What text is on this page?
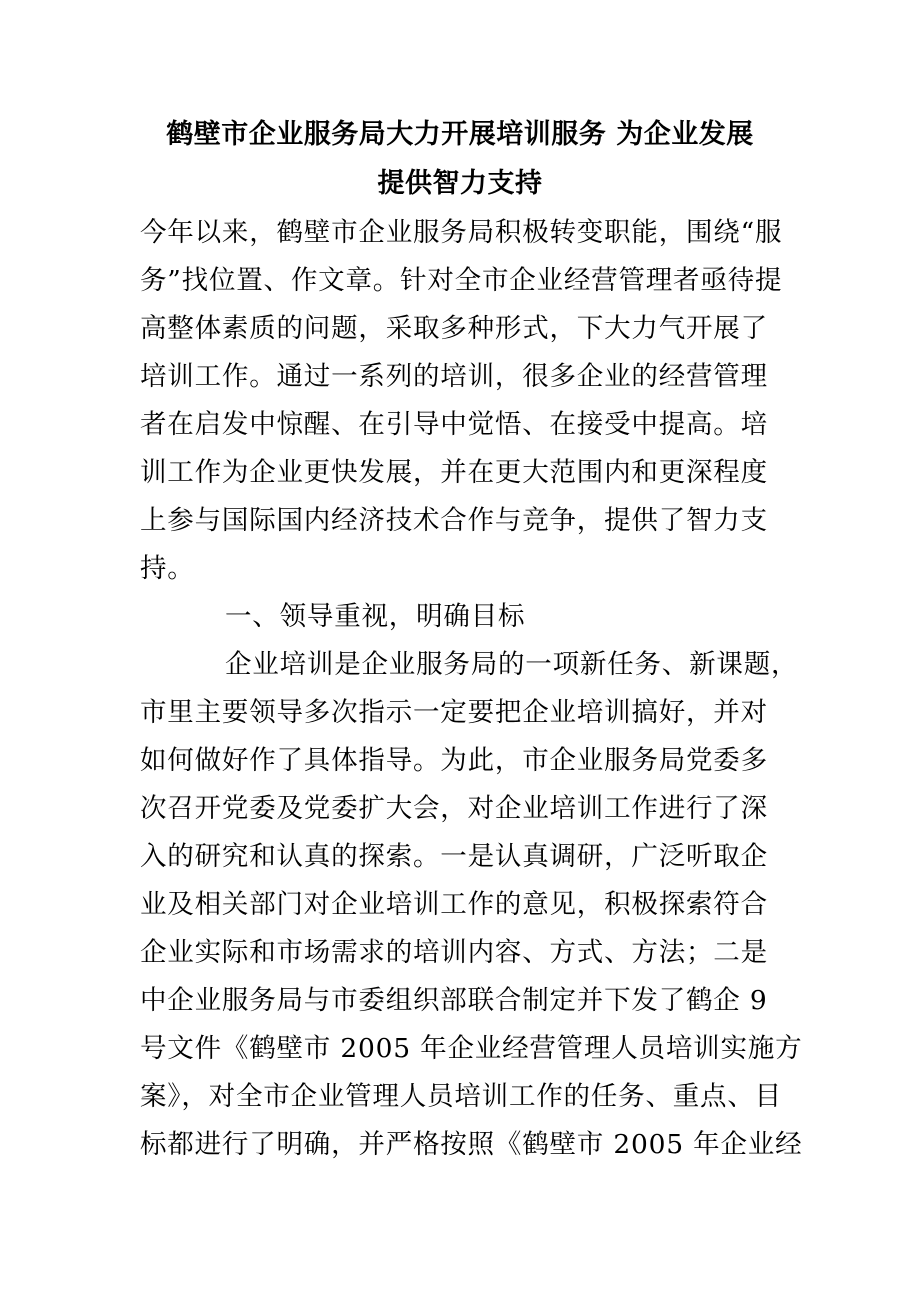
鹤壁市企业服务局大力开展培训服务 为企业发展
提供智力支持
今年以来，鹤壁市企业服务局积极转变职能，围绕“服
务”找位置、作文章。针对全市企业经营管理者亟待提
高整体素质的问题，采取多种形式，下大力气开展了
培训工作。通过一系列的培训，很多企业的经营管理
者在启发中惊醒、在引导中觉悟、在接受中提高。培
训工作为企业更快发展，并在更大范围内和更深程度
上参与国际国内经济技术合作与竞争，提供了智力支
持。
一、领导重视，明确目标
企业培训是企业服务局的一项新任务、新课题，
市里主要领导多次指示一定要把企业培训搞好，并对
如何做好作了具体指导。为此，市企业服务局党委多
次召开党委及党委扩大会，对企业培训工作进行了深
入的研究和认真的探索。一是认真调研，广泛听取企
业及相关部门对企业培训工作的意见，积极探索符合
企业实际和市场需求的培训内容、方式、方法；二是
中企业服务局与市委组织部联合制定并下发了鹤企 9
号文件《鹤壁市 2005 年企业经营管理人员培训实施方
案》，对全市企业管理人员培训工作的任务、重点、目
标都进行了明确，并严格按照《鹤壁市 2005 年企业经
